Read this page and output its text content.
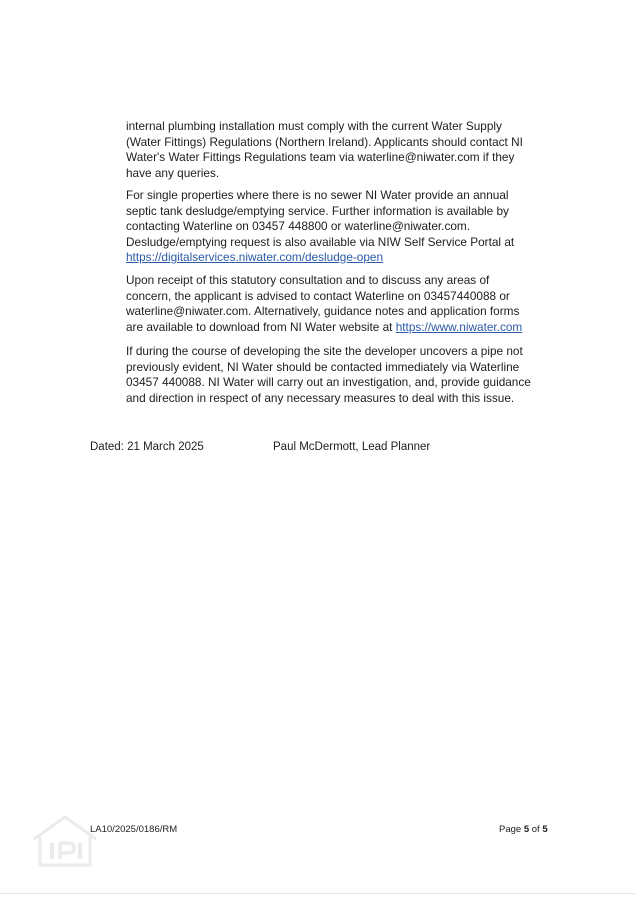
internal plumbing installation must comply with the current Water Supply
(Water Fittings) Regulations (Northern Ireland). Applicants should contact NI
Water's Water Fittings Regulations team via waterline@niwater.com if they
have any queries.

For single properties where there is no sewer NI Water provide an annual
septic tank desludge/emptying service. Further information is available by
contacting Waterline on 03457 448800 or waterline@niwater.com.
Desludge/emptying request is also available via NIW Self Service Portal at
https://digitalservices.niwater.com/desludge-open

Upon receipt of this statutory consultation and to discuss any areas of
concern, the applicant is advised to contact Waterline on 03457440088 or
waterline@niwater.com. Alternatively, guidance notes and application forms
are available to download from NI Water website at https://www.niwater.com

If during the course of developing the site the developer uncovers a pipe not
previously evident, NI Water should be contacted immediately via Waterline
03457 440088. NI Water will carry out an investigation, and, provide guidance
and direction in respect of any necessary measures to deal with this issue.

Dated: 21 March 2025	Paul McDermott, Lead Planner
LA10/2025/0186/RM	Page 5 of 5
